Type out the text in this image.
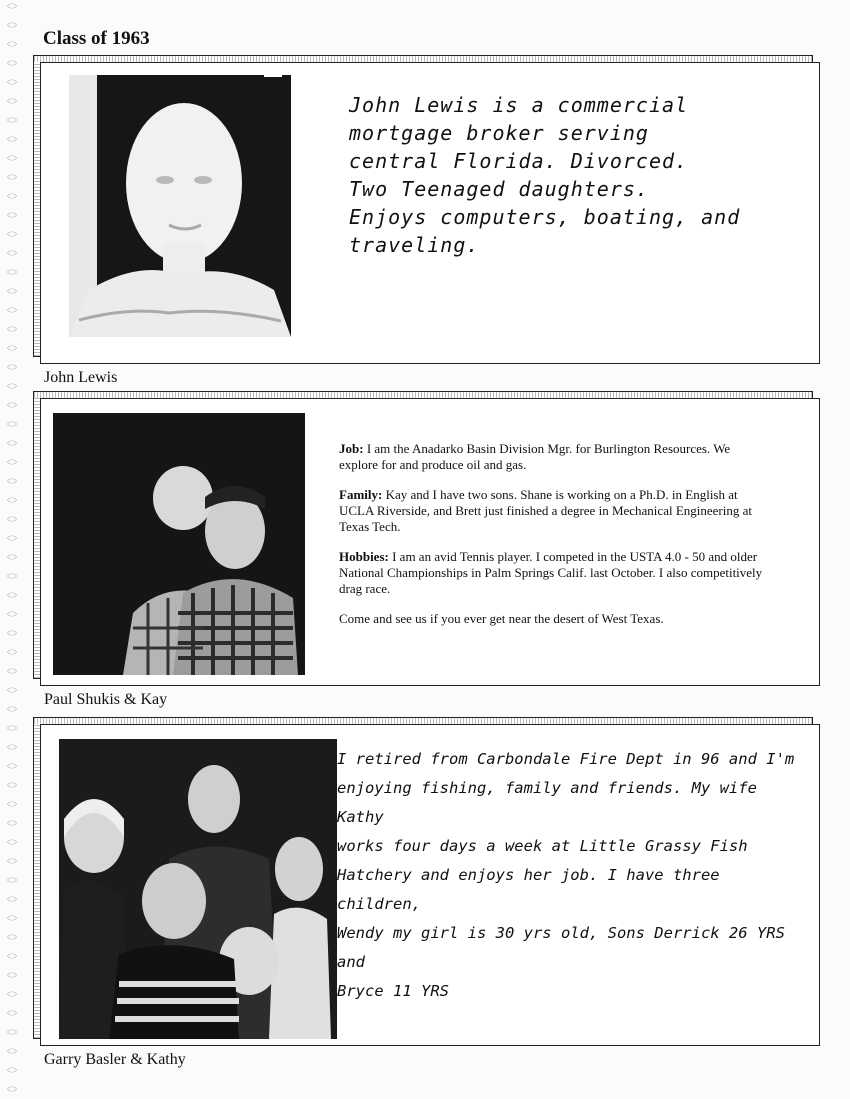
Class of 1963

John Lewis is a commercial
mortgage broker serving
central Florida. Divorced.
Two Teenaged daughters.
Enjoys computers, boating, and
traveling.

John Lewis

Job: I am the Anadarko Basin Division Mgr. for Burlington Resources. We explore for and produce oil and gas.

Family: Kay and I have two sons. Shane is working on a Ph.D. in English at UCLA Riverside, and Brett just finished a degree in Mechanical Engineering at Texas Tech.

Hobbies: I am an avid Tennis player. I competed in the USTA 4.0 - 50 and older National Championships in Palm Springs Calif. last October. I also competitively drag race.

Come and see us if you ever get near the desert of West Texas.

Paul Shukis & Kay

I retired from Carbondale Fire Dept in 96 and I'm
enjoying fishing, family and friends. My wife Kathy
works four days a week at Little Grassy Fish
Hatchery and enjoys her job. I have three children,
Wendy my girl is 30 yrs old, Sons Derrick 26 YRS and
Bryce 11 YRS

Garry Basler & Kathy
